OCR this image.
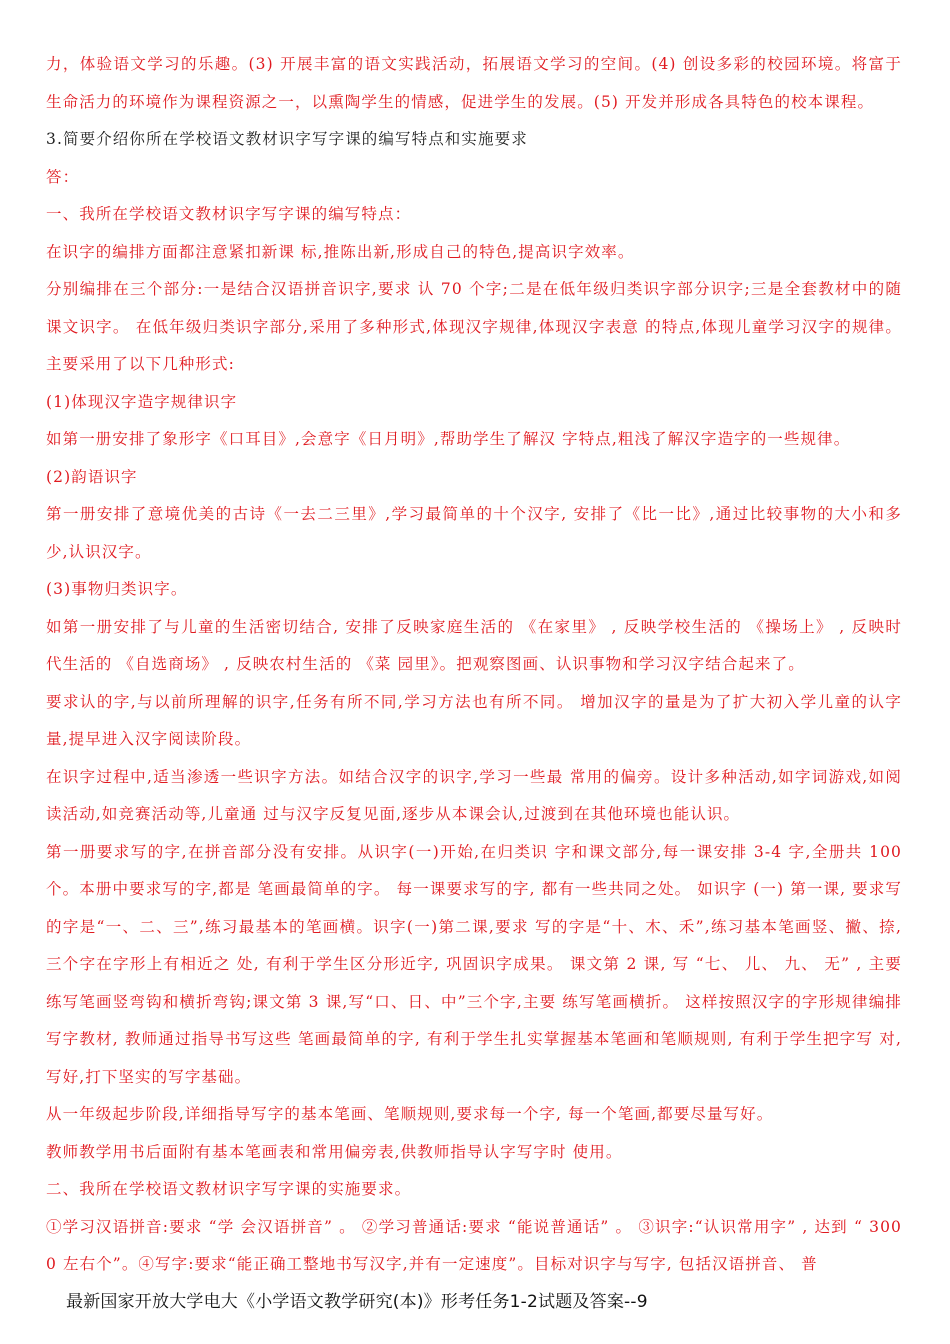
力，体验语文学习的乐趣。(3) 开展丰富的语文实践活动，拓展语文学习的空间。(4) 创设多彩的校园环境。将富于生命活力的环境作为课程资源之一，以熏陶学生的情感，促进学生的发展。(5) 开发并形成各具特色的校本课程。

3.简要介绍你所在学校语文教材识字写字课的编写特点和实施要求

答：

一、我所在学校语文教材识字写字课的编写特点：

在识字的编排方面都注意紧扣新课 标,推陈出新,形成自己的特色,提高识字效率。

分别编排在三个部分:一是结合汉语拼音识字,要求 认 70 个字;二是在低年级归类识字部分识字;三是全套教材中的随课文识字。 在低年级归类识字部分,采用了多种形式,体现汉字规律,体现汉字表意 的特点,体现儿童学习汉字的规律。主要采用了以下几种形式:

(1)体现汉字造字规律识字

如第一册安排了象形字《口耳目》,会意字《日月明》,帮助学生了解汉 字特点,粗浅了解汉字造字的一些规律。

(2)韵语识字

第一册安排了意境优美的古诗《一去二三里》,学习最简单的十个汉字, 安排了《比一比》,通过比较事物的大小和多少,认识汉字。

(3)事物归类识字。

如第一册安排了与儿童的生活密切结合, 安排了反映家庭生活的 《在家里》 , 反映学校生活的 《操场上》 , 反映时代生活的 《自选商场》 , 反映农村生活的 《菜 园里》。把观察图画、认识事物和学习汉字结合起来了。

要求认的字,与以前所理解的识字,任务有所不同,学习方法也有所不同。 增加汉字的量是为了扩大初入学儿童的认字量,提早进入汉字阅读阶段。

在识字过程中,适当渗透一些识字方法。如结合汉字的识字,学习一些最 常用的偏旁。设计多种活动,如字词游戏,如阅读活动,如竞赛活动等,儿童通 过与汉字反复见面,逐步从本课会认,过渡到在其他环境也能认识。

第一册要求写的字,在拼音部分没有安排。从识字(一)开始,在归类识 字和课文部分,每一课安排 3-4 字,全册共 100 个。本册中要求写的字,都是 笔画最简单的字。 每一课要求写的字, 都有一些共同之处。 如识字 (一) 第一课, 要求写的字是“一、二、三”,练习最基本的笔画横。识字(一)第二课,要求 写的字是“十、木、禾”,练习基本笔画竖、撇、捺,三个字在字形上有相近之 处, 有利于学生区分形近字, 巩固识字成果。 课文第 2 课, 写 “七、 儿、 九、 无” , 主要练写笔画竖弯钩和横折弯钩;课文第 3 课,写“口、日、中”三个字,主要 练写笔画横折。 这样按照汉字的字形规律编排写字教材, 教师通过指导书写这些 笔画最简单的字, 有利于学生扎实掌握基本笔画和笔顺规则, 有利于学生把字写 对,写好,打下坚实的写字基础。

从一年级起步阶段,详细指导写字的基本笔画、笔顺规则,要求每一个字, 每一个笔画,都要尽量写好。

教师教学用书后面附有基本笔画表和常用偏旁表,供教师指导认字写字时 使用。

二、我所在学校语文教材识字写字课的实施要求。

①学习汉语拼音:要求 “学 会汉语拼音” 。 ②学习普通话:要求 “能说普通话” 。 ③识字:“认识常用字” , 达到 “ 3000 左右个”。④写字:要求“能正确工整地书写汉字,并有一定速度”。目标对识字与写字, 包括汉语拼音、 普

最新国家开放大学电大《小学语文教学研究(本)》形考任务1-2试题及答案--9
